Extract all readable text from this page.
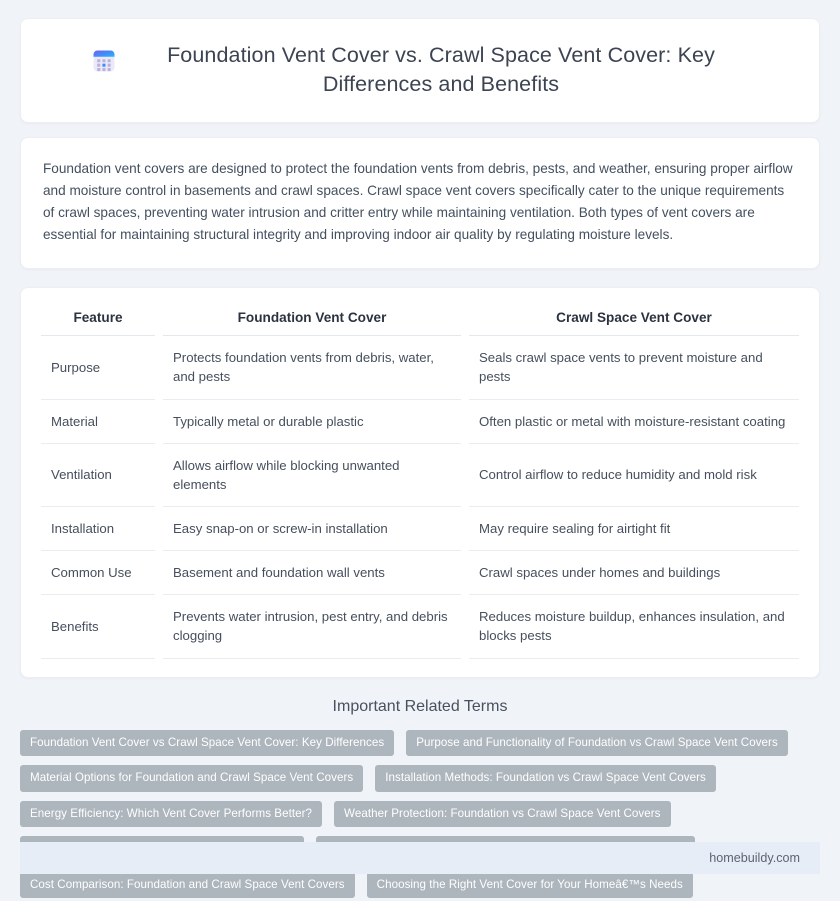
Foundation Vent Cover vs. Crawl Space Vent Cover: Key Differences and Benefits

Foundation vent covers are designed to protect the foundation vents from debris, pests, and weather, ensuring proper airflow and moisture control in basements and crawl spaces. Crawl space vent covers specifically cater to the unique requirements of crawl spaces, preventing water intrusion and critter entry while maintaining ventilation. Both types of vent covers are essential for maintaining structural integrity and improving indoor air quality by regulating moisture levels.

Feature	Foundation Vent Cover	Crawl Space Vent Cover
Purpose	Protects foundation vents from debris, water, and pests	Seals crawl space vents to prevent moisture and pests
Material	Typically metal or durable plastic	Often plastic or metal with moisture-resistant coating
Ventilation	Allows airflow while blocking unwanted elements	Control airflow to reduce humidity and mold risk
Installation	Easy snap-on or screw-in installation	May require sealing for airtight fit
Common Use	Basement and foundation wall vents	Crawl spaces under homes and buildings
Benefits	Prevents water intrusion, pest entry, and debris clogging	Reduces moisture buildup, enhances insulation, and blocks pests
Important Related Terms
Foundation Vent Cover vs Crawl Space Vent Cover: Key Differences	Purpose and Functionality of Foundation vs Crawl Space Vent Covers
Material Options for Foundation and Crawl Space Vent Covers	Installation Methods: Foundation vs Crawl Space Vent Covers
Energy Efficiency: Which Vent Cover Performs Better?	Weather Protection: Foundation vs Crawl Space Vent Covers
Cost Comparison: Foundation and Crawl Space Vent Covers	Choosing the Right Vent Cover for Your Homeâ€™s Needs
homebuildy.com
